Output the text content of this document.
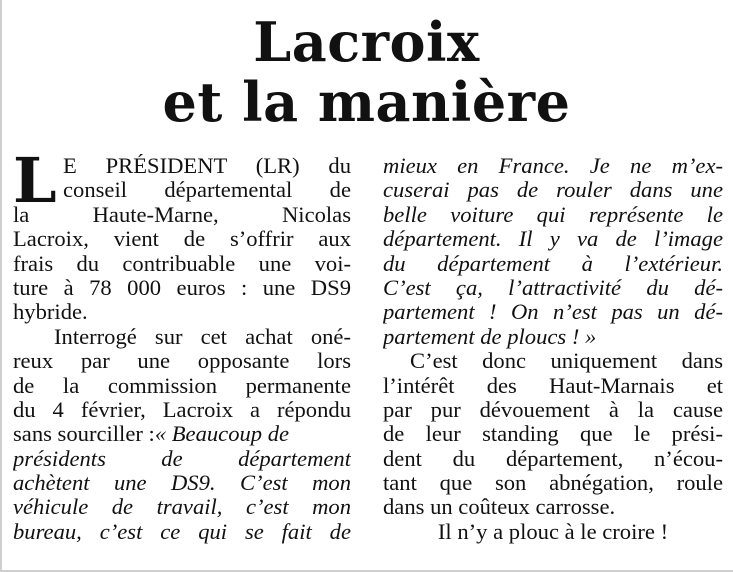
Lacroix
et la manière
L E PRÉSIDENT (LR) du
conseil départemental de
la Haute-Marne, Nicolas
Lacroix, vient de s’offrir aux
frais du contribuable une voi-
ture à 78 000 euros : une DS9
hybride.
Interrogé sur cet achat oné-
reux par une opposante lors
de la commission permanente
du 4 février, Lacroix a répondu
sans sourciller :« Beaucoup de
présidents de département
achètent une DS9. C’est mon
véhicule de travail, c’est mon
bureau, c’est ce qui se fait de
mieux en France. Je ne m’ex-
cuserai pas de rouler dans une
belle voiture qui représente le
département. Il y va de l’image
du département à l’extérieur.
C’est ça, l’attractivité du dé-
partement ! On n’est pas un dé-
partement de ploucs ! »
C’est donc uniquement dans
l’intérêt des Haut-Marnais et
par pur dévouement à la cause
de leur standing que le prési-
dent du département, n’écou-
tant que son abnégation, roule
dans un coûteux carrosse.
Il n’y a plouc à le croire !
